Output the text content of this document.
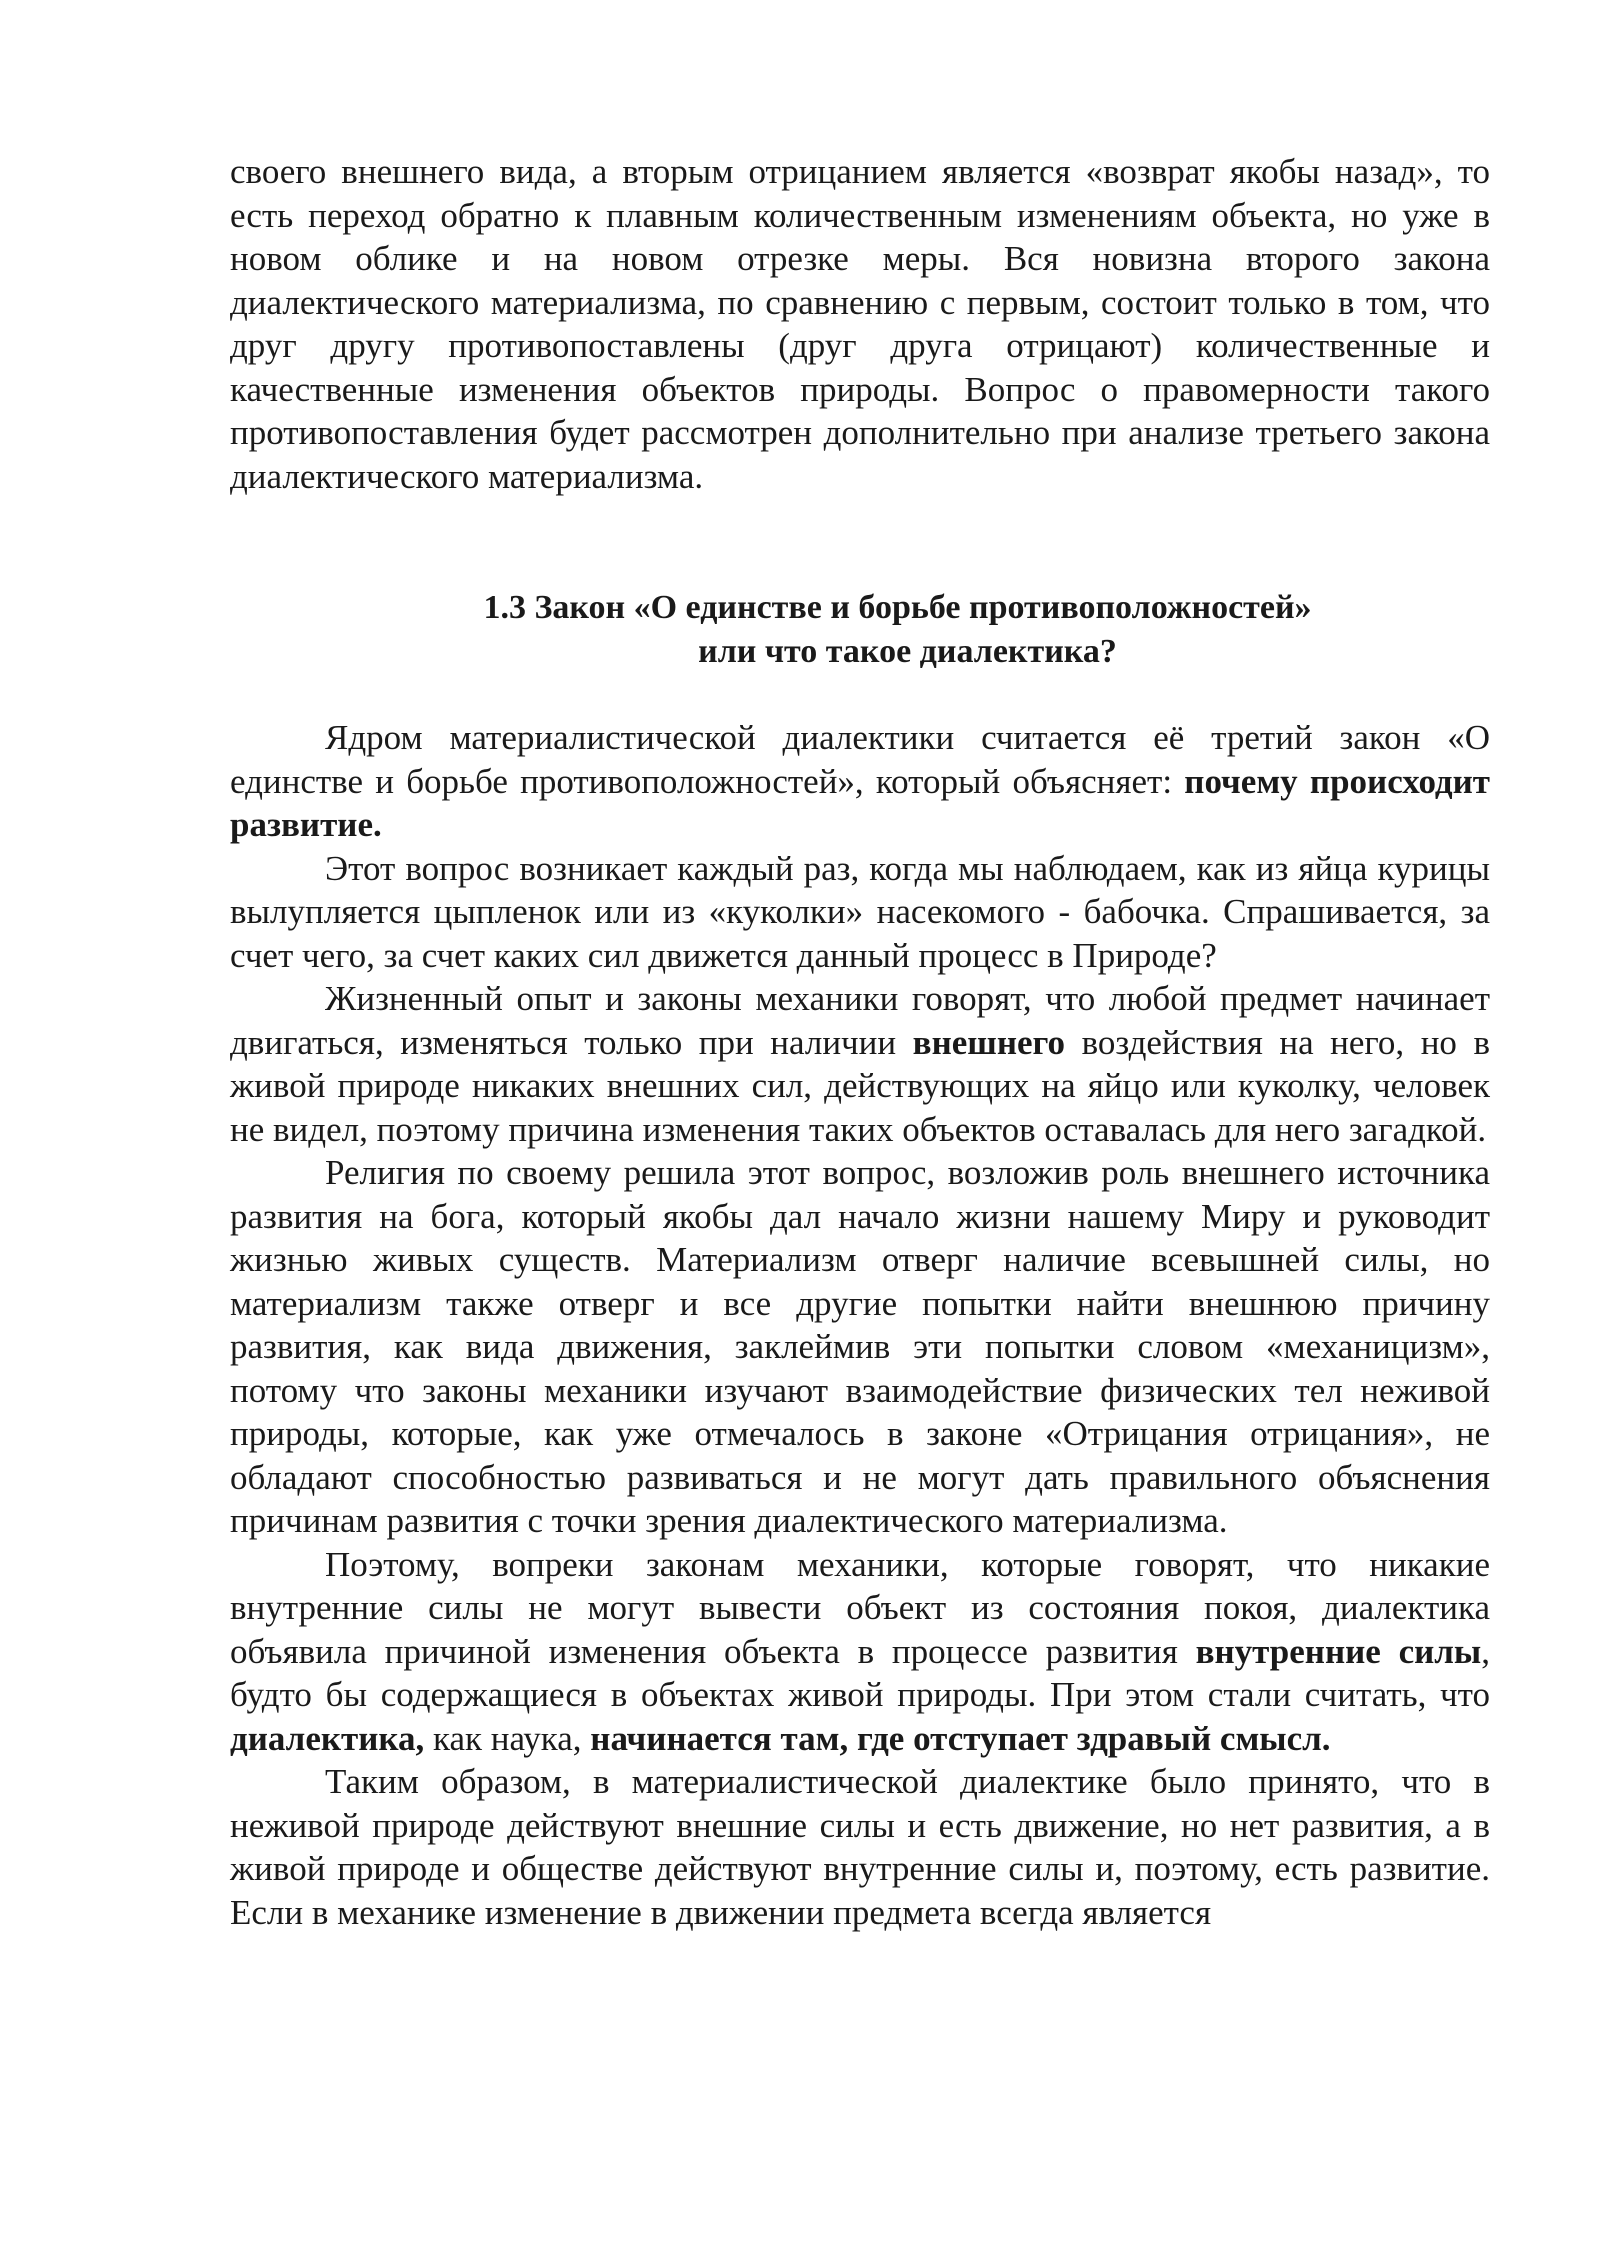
своего внешнего вида, а вторым отрицанием является «возврат якобы назад», то есть переход обратно к плавным количественным изменениям объекта, но уже в новом облике и на новом отрезке меры. Вся новизна второго закона диалектического материализма, по сравнению с первым, состоит только в том, что друг другу противопоставлены (друг друга отрицают) количественные и качественные изменения объектов природы. Вопрос о правомерности такого противопоставления будет рассмотрен дополнительно при анализе третьего закона диалектического материализма.

1.3 Закон «О единстве и борьбе противоположностей»
или что такое диалектика?

Ядром материалистической диалектики считается её третий закон «О единстве и борьбе противоположностей», который объясняет: почему происходит развитие.

Этот вопрос возникает каждый раз, когда мы наблюдаем, как из яйца курицы вылупляется цыпленок или из «куколки» насекомого - бабочка. Спрашивается, за счет чего, за счет каких сил движется данный процесс в Природе?

Жизненный опыт и законы механики говорят, что любой предмет начинает двигаться, изменяться только при наличии внешнего воздействия на него, но в живой природе никаких внешних сил, действующих на яйцо или куколку, человек не видел, поэтому причина изменения таких объектов оставалась для него загадкой.

Религия по своему решила этот вопрос, возложив роль внешнего источника развития на бога, который якобы дал начало жизни нашему Миру и руководит жизнью живых существ. Материализм отверг наличие всевышней силы, но материализм также отверг и все другие попытки найти внешнюю причину развития, как вида движения, заклеймив эти попытки словом «механицизм», потому что законы механики изучают взаимодействие физических тел неживой природы, которые, как уже отмечалось в законе «Отрицания отрицания», не обладают способностью развиваться и не могут дать правильного объяснения причинам развития с точки зрения диалектического материализма.

Поэтому, вопреки законам механики, которые говорят, что никакие внутренние силы не могут вывести объект из состояния покоя, диалектика объявила причиной изменения объекта в процессе развития внутренние силы, будто бы содержащиеся в объектах живой природы. При этом стали считать, что диалектика, как наука, начинается там, где отступает здравый смысл.

Таким образом, в материалистической диалектике было принято, что в неживой природе действуют внешние силы и есть движение, но нет развития, а в живой природе и обществе действуют внутренние силы и, поэтому, есть развитие. Если в механике изменение в движении предмета всегда является
